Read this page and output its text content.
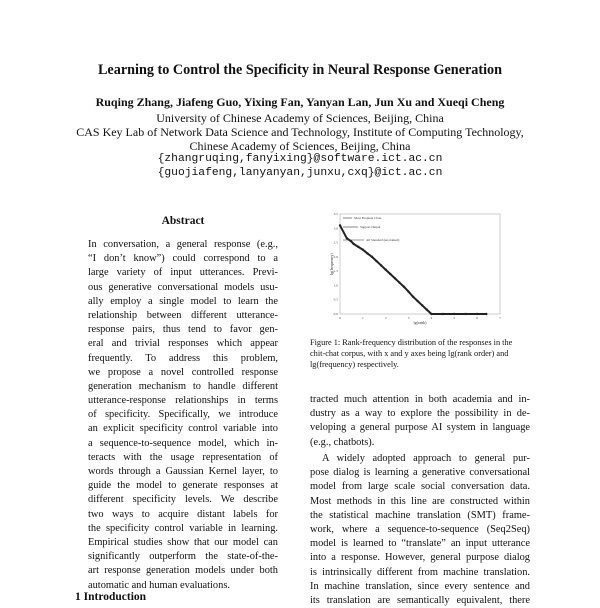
Learning to Control the Specificity in Neural Response Generation
Ruqing Zhang, Jiafeng Guo, Yixing Fan, Yanyan Lan, Jun Xu and Xueqi Cheng
University of Chinese Academy of Sciences, Beijing, China
CAS Key Lab of Network Data Science and Technology, Institute of Computing Technology,
Chinese Academy of Sciences, Beijing, China
{zhangruqing,fanyixing}@software.ict.ac.cn
{guojiafeng,lanyanyan,junxu,cxq}@ict.ac.cn
Abstract
In conversation, a general response (e.g.,
“I don’t know”) could correspond to a
large variety of input utterances. Previ-
ous generative conversational models usu-
ally employ a single model to learn the
relationship between different utterance-
response pairs, thus tend to favor gen-
eral and trivial responses which appear
frequently. To address this problem,
we propose a novel controlled response
generation mechanism to handle different
utterance-response relationships in terms
of specificity. Specifically, we introduce
an explicit specificity control variable into
a sequence-to-sequence model, which in-
teracts with the usage representation of
words through a Gaussian Kernel layer, to
guide the model to generate responses at
different specificity levels. We describe
two ways to acquire distant labels for
the specificity control variable in learning.
Empirical studies show that our model can
significantly outperform the state-of-the-
art response generation models under both
automatic and human evaluations.
1 Introduction
0	1	2	3	4	5	6	7
0.0
0.5
1.0
1.5
2.0
2.5
3.0
3.5
Most Frequent Class
Support Output
All Standard (un-trained)
lg(rank)
lg(frequency)
Figure 1: Rank-frequency distribution of the responses in the
chit-chat corpus, with x and y axes being lg(rank order) and
lg(frequency) respectively.
tracted much attention in both academia and in-
dustry as a way to explore the possibility in de-
veloping a general purpose AI system in language
(e.g., chatbots).
A widely adopted approach to general pur-
pose dialog is learning a generative conversational
model from large scale social conversation data.
Most methods in this line are constructed within
the statistical machine translation (SMT) frame-
work, where a sequence-to-sequence (Seq2Seq)
model is learned to “translate” an input utterance
into a response. However, general purpose dialog
is intrinsically different from machine translation.
In machine translation, since every sentence and
its translation are semantically equivalent, there
